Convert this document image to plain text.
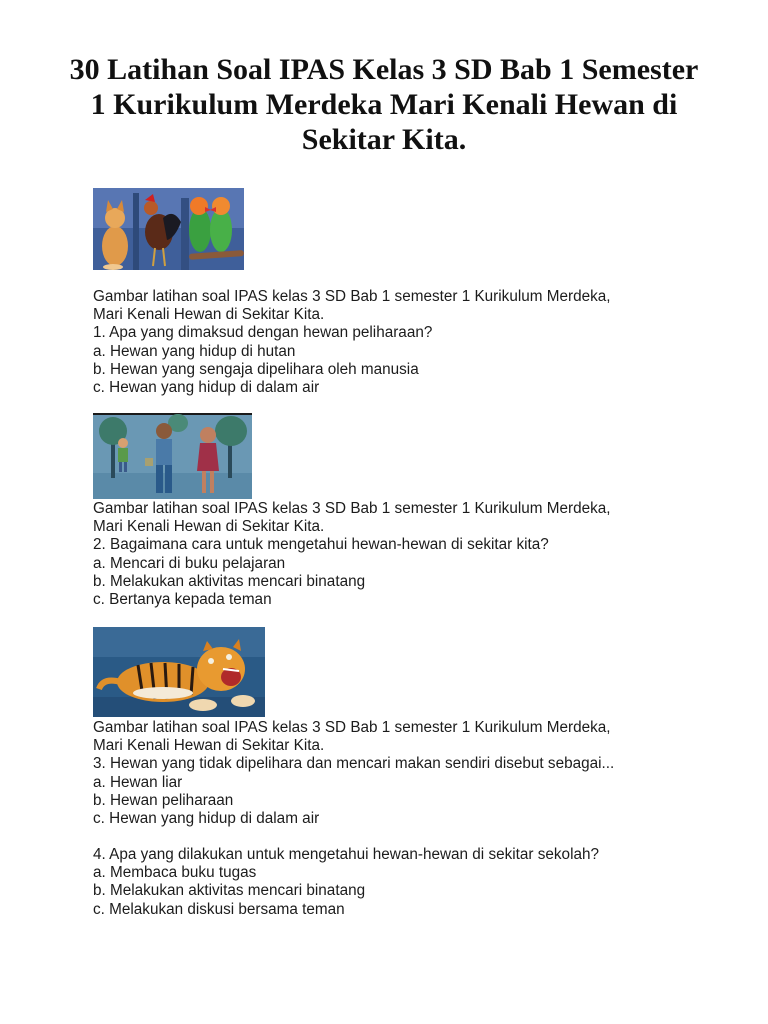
30 Latihan Soal IPAS Kelas 3 SD Bab 1 Semester 1 Kurikulum Merdeka Mari Kenali Hewan di Sekitar Kita.
Gambar latihan soal IPAS kelas 3 SD Bab 1 semester 1 Kurikulum Merdeka,
Mari Kenali Hewan di Sekitar Kita.
1. Apa yang dimaksud dengan hewan peliharaan?
a. Hewan yang hidup di hutan
b. Hewan yang sengaja dipelihara oleh manusia
c. Hewan yang hidup di dalam air
Gambar latihan soal IPAS kelas 3 SD Bab 1 semester 1 Kurikulum Merdeka,
Mari Kenali Hewan di Sekitar Kita.
2. Bagaimana cara untuk mengetahui hewan-hewan di sekitar kita?
a. Mencari di buku pelajaran
b. Melakukan aktivitas mencari binatang
c. Bertanya kepada teman
Gambar latihan soal IPAS kelas 3 SD Bab 1 semester 1 Kurikulum Merdeka,
Mari Kenali Hewan di Sekitar Kita.
3. Hewan yang tidak dipelihara dan mencari makan sendiri disebut sebagai...
a. Hewan liar
b. Hewan peliharaan
c. Hewan yang hidup di dalam air
4. Apa yang dilakukan untuk mengetahui hewan-hewan di sekitar sekolah?
a. Membaca buku tugas
b. Melakukan aktivitas mencari binatang
c. Melakukan diskusi bersama teman
